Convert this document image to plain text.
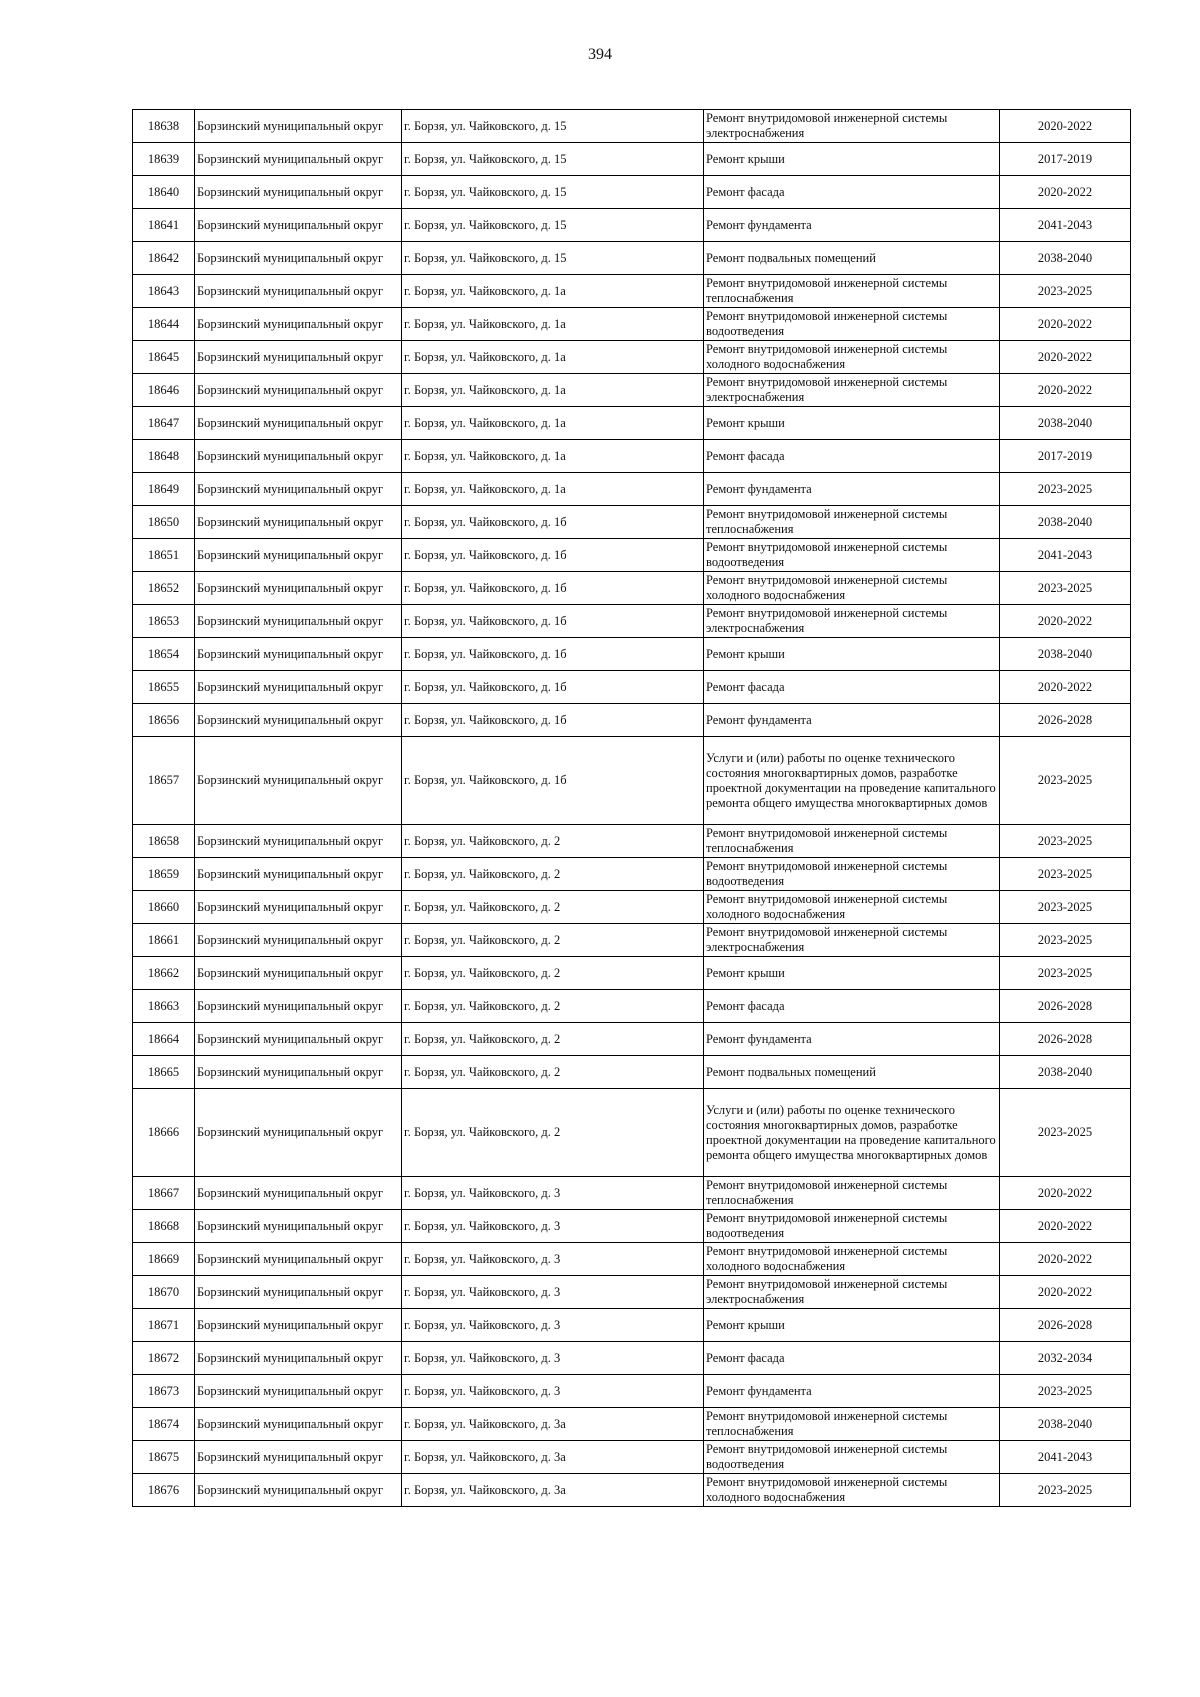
394
18638	Борзинский муниципальный округ	г. Борзя, ул. Чайковского, д. 15	Ремонт внутридомовой инженерной системы электроснабжения	2020-2022
18639	Борзинский муниципальный округ	г. Борзя, ул. Чайковского, д. 15	Ремонт крыши	2017-2019
18640	Борзинский муниципальный округ	г. Борзя, ул. Чайковского, д. 15	Ремонт фасада	2020-2022
18641	Борзинский муниципальный округ	г. Борзя, ул. Чайковского, д. 15	Ремонт фундамента	2041-2043
18642	Борзинский муниципальный округ	г. Борзя, ул. Чайковского, д. 15	Ремонт подвальных помещений	2038-2040
18643	Борзинский муниципальный округ	г. Борзя, ул. Чайковского, д. 1а	Ремонт внутридомовой инженерной системы теплоснабжения	2023-2025
18644	Борзинский муниципальный округ	г. Борзя, ул. Чайковского, д. 1а	Ремонт внутридомовой инженерной системы водоотведения	2020-2022
18645	Борзинский муниципальный округ	г. Борзя, ул. Чайковского, д. 1а	Ремонт внутридомовой инженерной системы холодного водоснабжения	2020-2022
18646	Борзинский муниципальный округ	г. Борзя, ул. Чайковского, д. 1а	Ремонт внутридомовой инженерной системы электроснабжения	2020-2022
18647	Борзинский муниципальный округ	г. Борзя, ул. Чайковского, д. 1а	Ремонт крыши	2038-2040
18648	Борзинский муниципальный округ	г. Борзя, ул. Чайковского, д. 1а	Ремонт фасада	2017-2019
18649	Борзинский муниципальный округ	г. Борзя, ул. Чайковского, д. 1а	Ремонт фундамента	2023-2025
18650	Борзинский муниципальный округ	г. Борзя, ул. Чайковского, д. 1б	Ремонт внутридомовой инженерной системы теплоснабжения	2038-2040
18651	Борзинский муниципальный округ	г. Борзя, ул. Чайковского, д. 1б	Ремонт внутридомовой инженерной системы водоотведения	2041-2043
18652	Борзинский муниципальный округ	г. Борзя, ул. Чайковского, д. 1б	Ремонт внутридомовой инженерной системы холодного водоснабжения	2023-2025
18653	Борзинский муниципальный округ	г. Борзя, ул. Чайковского, д. 1б	Ремонт внутридомовой инженерной системы электроснабжения	2020-2022
18654	Борзинский муниципальный округ	г. Борзя, ул. Чайковского, д. 1б	Ремонт крыши	2038-2040
18655	Борзинский муниципальный округ	г. Борзя, ул. Чайковского, д. 1б	Ремонт фасада	2020-2022
18656	Борзинский муниципальный округ	г. Борзя, ул. Чайковского, д. 1б	Ремонт фундамента	2026-2028
18657	Борзинский муниципальный округ	г. Борзя, ул. Чайковского, д. 1б	Услуги и (или) работы по оценке технического состояния многоквартирных домов, разработке проектной документации на проведение капитального ремонта общего имущества многоквартирных домов	2023-2025
18658	Борзинский муниципальный округ	г. Борзя, ул. Чайковского, д. 2	Ремонт внутридомовой инженерной системы теплоснабжения	2023-2025
18659	Борзинский муниципальный округ	г. Борзя, ул. Чайковского, д. 2	Ремонт внутридомовой инженерной системы водоотведения	2023-2025
18660	Борзинский муниципальный округ	г. Борзя, ул. Чайковского, д. 2	Ремонт внутридомовой инженерной системы холодного водоснабжения	2023-2025
18661	Борзинский муниципальный округ	г. Борзя, ул. Чайковского, д. 2	Ремонт внутридомовой инженерной системы электроснабжения	2023-2025
18662	Борзинский муниципальный округ	г. Борзя, ул. Чайковского, д. 2	Ремонт крыши	2023-2025
18663	Борзинский муниципальный округ	г. Борзя, ул. Чайковского, д. 2	Ремонт фасада	2026-2028
18664	Борзинский муниципальный округ	г. Борзя, ул. Чайковского, д. 2	Ремонт фундамента	2026-2028
18665	Борзинский муниципальный округ	г. Борзя, ул. Чайковского, д. 2	Ремонт подвальных помещений	2038-2040
18666	Борзинский муниципальный округ	г. Борзя, ул. Чайковского, д. 2	Услуги и (или) работы по оценке технического состояния многоквартирных домов, разработке проектной документации на проведение капитального ремонта общего имущества многоквартирных домов	2023-2025
18667	Борзинский муниципальный округ	г. Борзя, ул. Чайковского, д. 3	Ремонт внутридомовой инженерной системы теплоснабжения	2020-2022
18668	Борзинский муниципальный округ	г. Борзя, ул. Чайковского, д. 3	Ремонт внутридомовой инженерной системы водоотведения	2020-2022
18669	Борзинский муниципальный округ	г. Борзя, ул. Чайковского, д. 3	Ремонт внутридомовой инженерной системы холодного водоснабжения	2020-2022
18670	Борзинский муниципальный округ	г. Борзя, ул. Чайковского, д. 3	Ремонт внутридомовой инженерной системы электроснабжения	2020-2022
18671	Борзинский муниципальный округ	г. Борзя, ул. Чайковского, д. 3	Ремонт крыши	2026-2028
18672	Борзинский муниципальный округ	г. Борзя, ул. Чайковского, д. 3	Ремонт фасада	2032-2034
18673	Борзинский муниципальный округ	г. Борзя, ул. Чайковского, д. 3	Ремонт фундамента	2023-2025
18674	Борзинский муниципальный округ	г. Борзя, ул. Чайковского, д. 3а	Ремонт внутридомовой инженерной системы теплоснабжения	2038-2040
18675	Борзинский муниципальный округ	г. Борзя, ул. Чайковского, д. 3а	Ремонт внутридомовой инженерной системы водоотведения	2041-2043
18676	Борзинский муниципальный округ	г. Борзя, ул. Чайковского, д. 3а	Ремонт внутридомовой инженерной системы холодного водоснабжения	2023-2025
